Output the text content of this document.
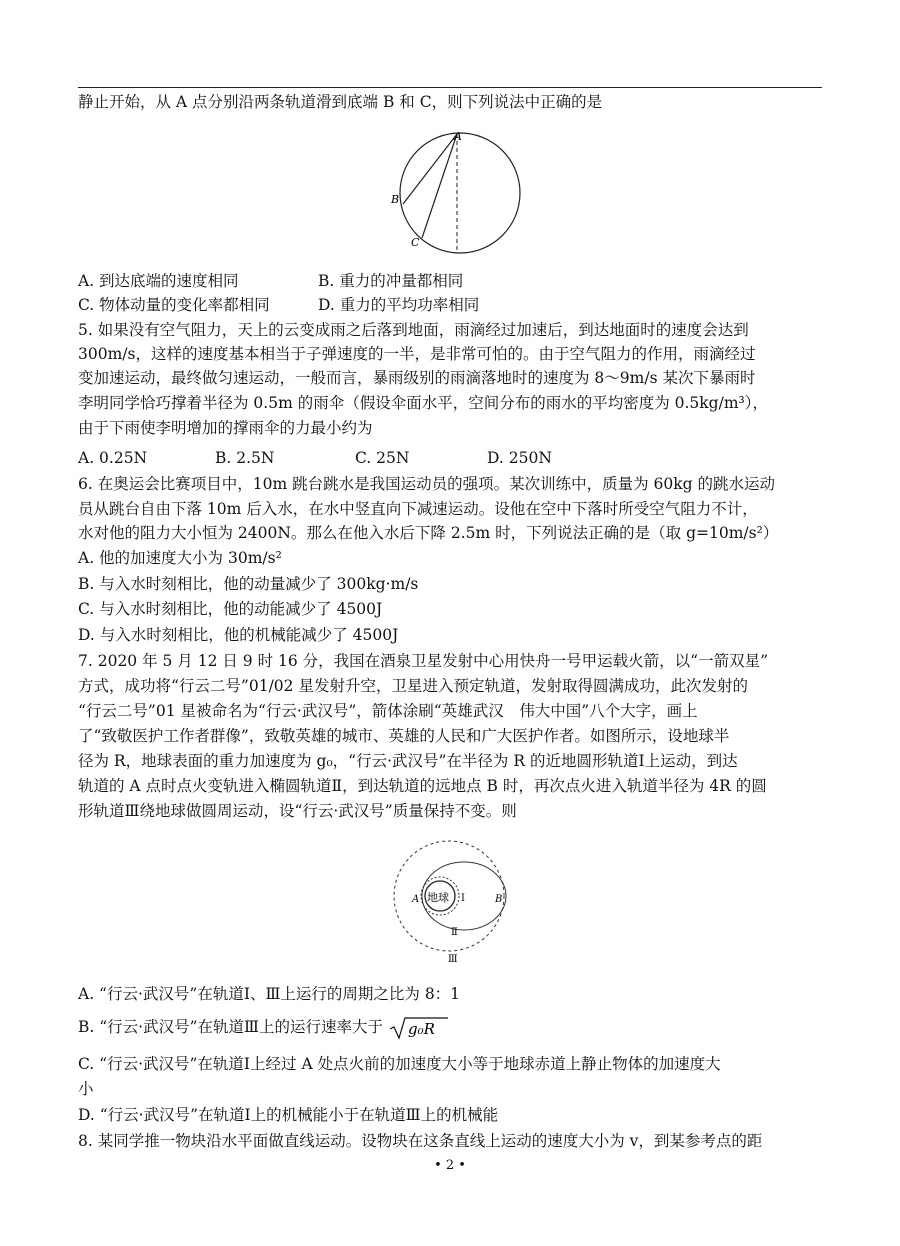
静止开始，从 A 点分别沿两条轨道滑到底端 B 和 C，则下列说法中正确的是
A
B
C
A. 到达底端的速度相同	B. 重力的冲量都相同
C. 物体动量的变化率都相同	D. 重力的平均功率相同
5. 如果没有空气阻力，天上的云变成雨之后落到地面，雨滴经过加速后，到达地面时的速度会达到
300m/s，这样的速度基本相当于子弹速度的一半，是非常可怕的。由于空气阻力的作用，雨滴经过
变加速运动，最终做匀速运动，一般而言，暴雨级别的雨滴落地时的速度为 8～9m/s 某次下暴雨时
李明同学恰巧撑着半径为 0.5m 的雨伞（假设伞面水平，空间分布的雨水的平均密度为 0.5kg/m³），
由于下雨使李明增加的撑雨伞的力最小约为
A. 0.25N	B. 2.5N	C. 25N	D. 250N
6. 在奥运会比赛项目中，10m 跳台跳水是我国运动员的强项。某次训练中，质量为 60kg 的跳水运动
员从跳台自由下落 10m 后入水，在水中竖直向下减速运动。设他在空中下落时所受空气阻力不计，
水对他的阻力大小恒为 2400N。那么在他入水后下降 2.5m 时，下列说法正确的是（取 g=10m/s²）
A. 他的加速度大小为 30m/s²
B. 与入水时刻相比，他的动量减少了 300kg·m/s
C. 与入水时刻相比，他的动能减少了 4500J
D. 与入水时刻相比，他的机械能减少了 4500J
7. 2020 年 5 月 12 日 9 时 16 分，我国在酒泉卫星发射中心用快舟一号甲运载火箭，以“一箭双星”
方式，成功将“行云二号”01/02 星发射升空，卫星进入预定轨道，发射取得圆满成功，此次发射的
“行云二号”01 星被命名为“行云·武汉号”，箭体涂刷“英雄武汉　伟大中国”八个大字，画上
了“致敬医护工作者群像”，致敬英雄的城市、英雄的人民和广大医护作者。如图所示，设地球半
径为 R，地球表面的重力加速度为 g₀，“行云·武汉号”在半径为 R 的近地圆形轨道Ⅰ上运动，到达
轨道的 A 点时点火变轨进入椭圆轨道Ⅱ，到达轨道的远地点 B 时，再次点火进入轨道半径为 4R 的圆
形轨道Ⅲ绕地球做圆周运动，设“行云·武汉号”质量保持不变。则
地球
A	B
Ⅰ
Ⅱ
Ⅲ
A. “行云·武汉号”在轨道Ⅰ、Ⅲ上运行的周期之比为 8：1
B. “行云·武汉号”在轨道Ⅲ上的运行速率大于 g₀R
C. “行云·武汉号”在轨道Ⅰ上经过 A 处点火前的加速度大小等于地球赤道上静止物体的加速度大
小
D. “行云·武汉号”在轨道Ⅰ上的机械能小于在轨道Ⅲ上的机械能
8. 某同学推一物块沿水平面做直线运动。设物块在这条直线上运动的速度大小为 v，到某参考点的距
• 2 •
